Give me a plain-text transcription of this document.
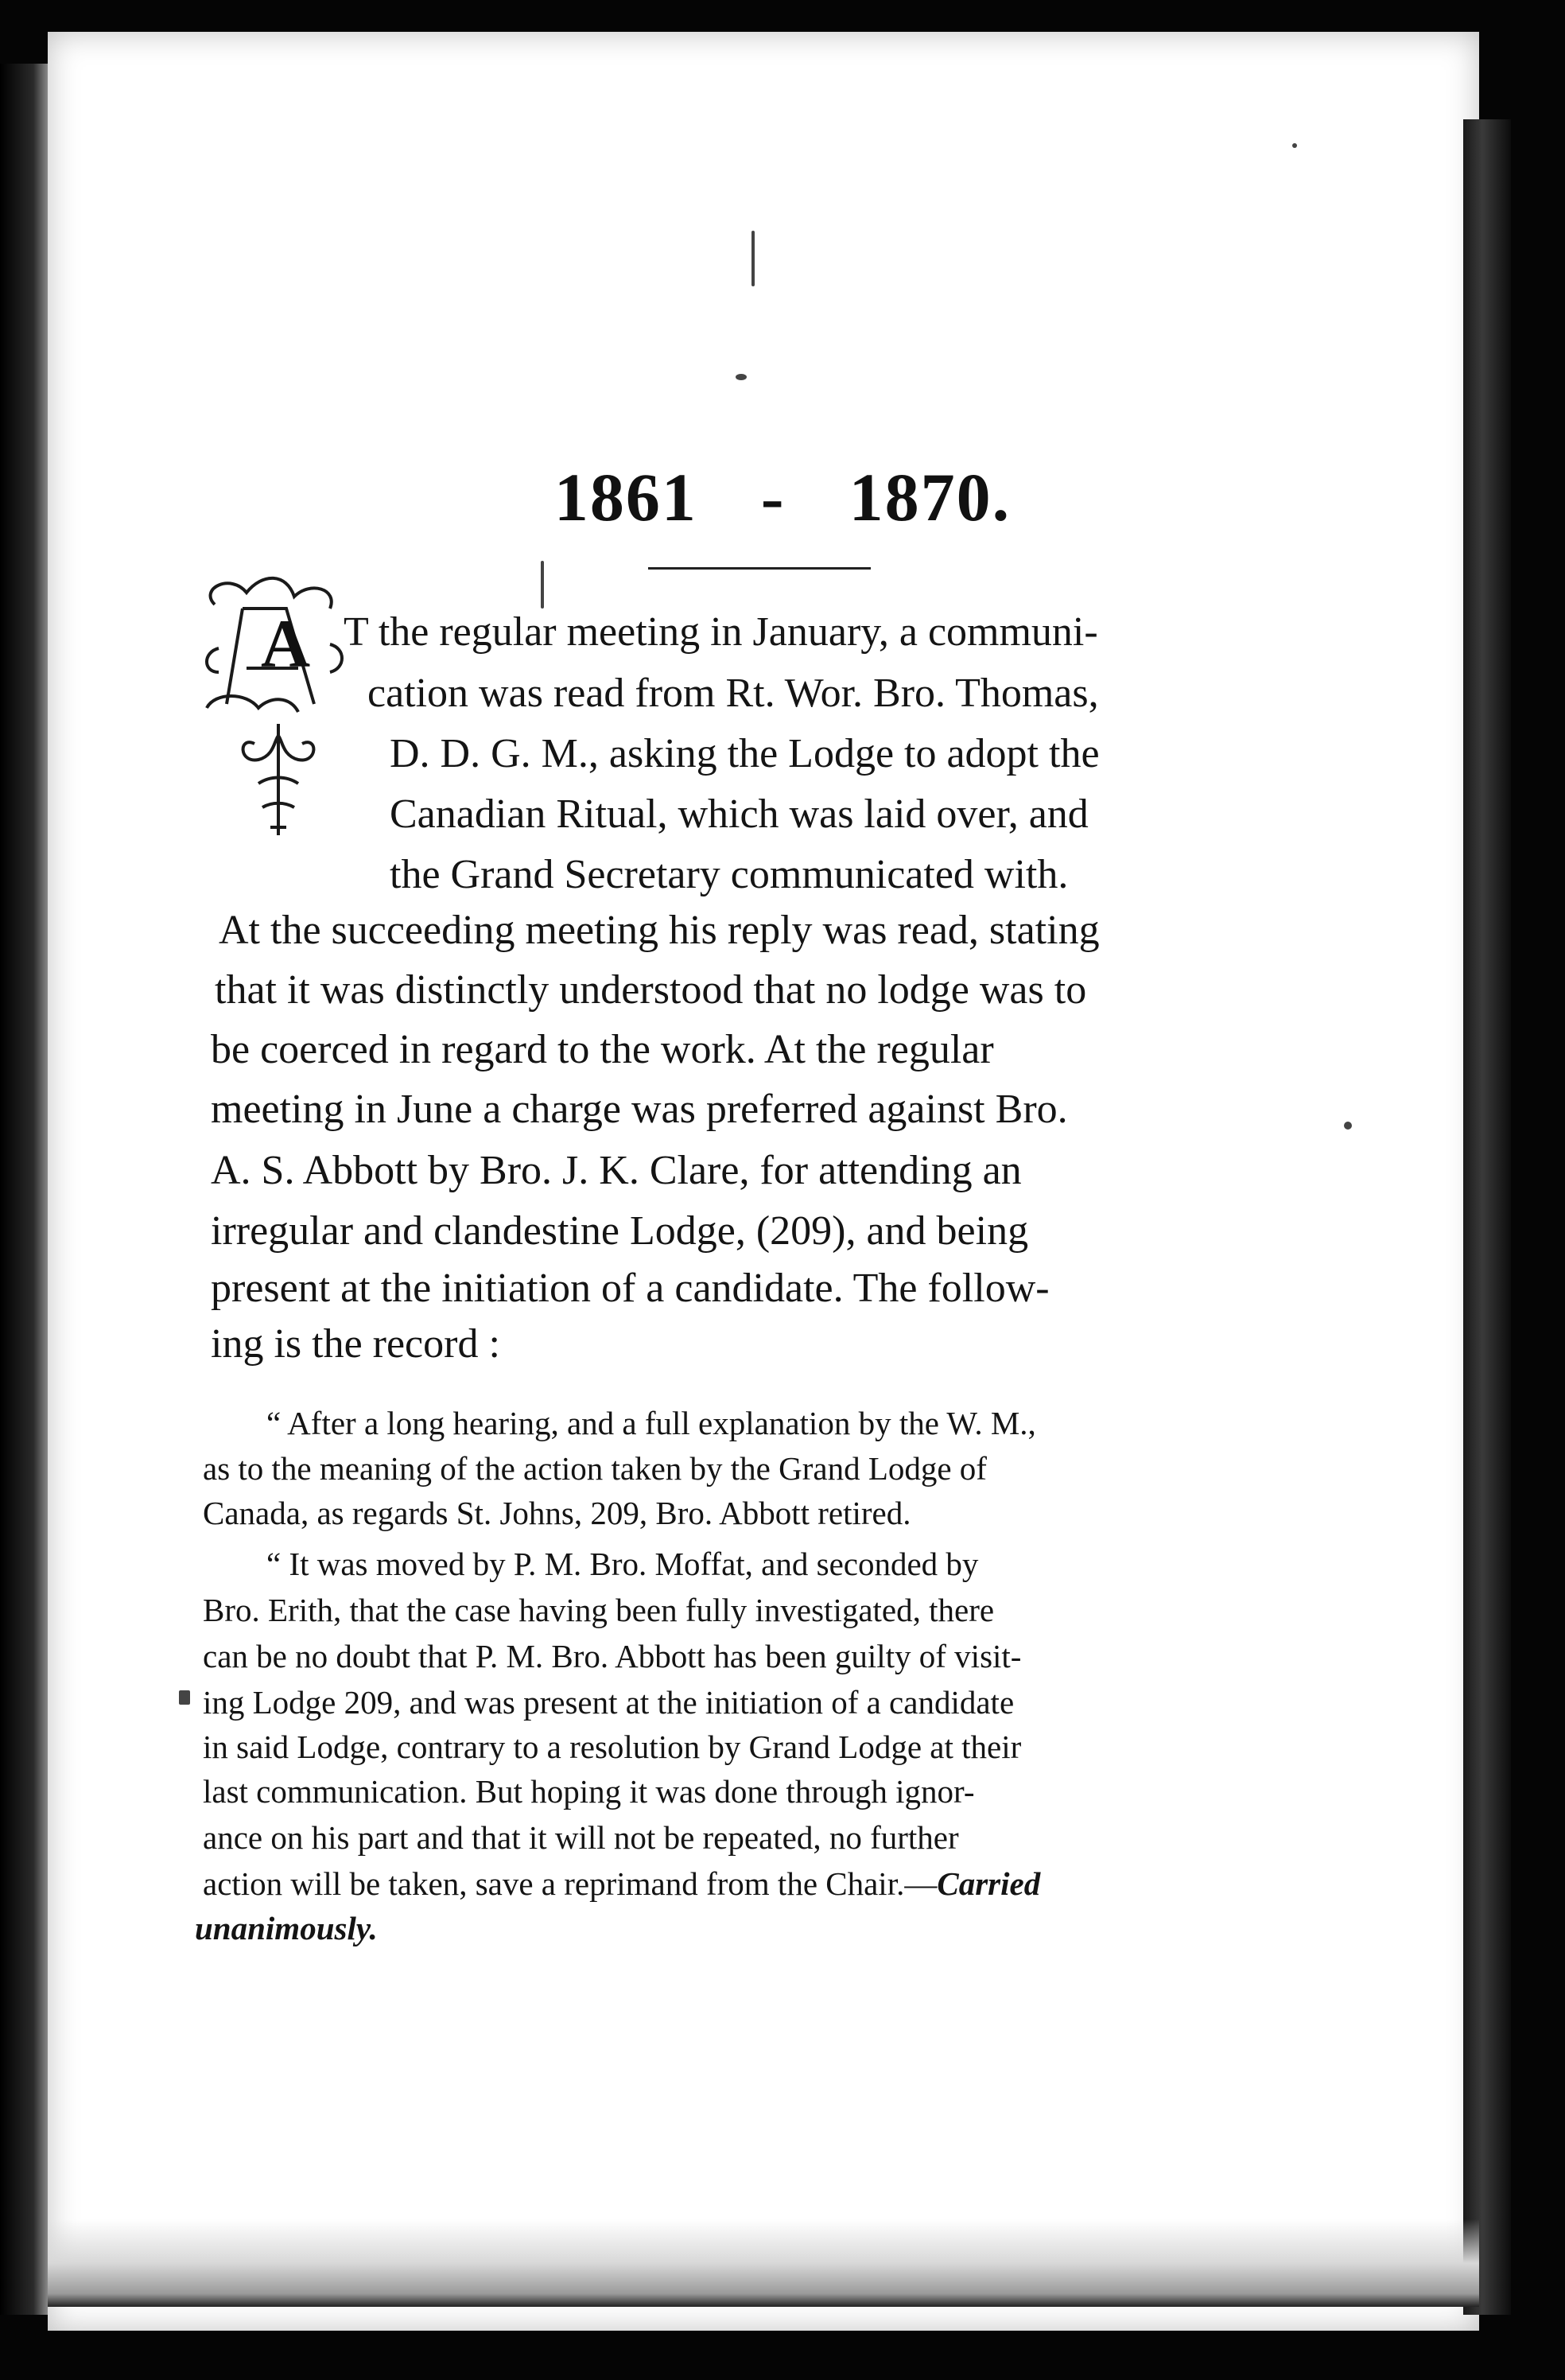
1861 - 1870.
A T the regular meeting in January, a communi-
cation was read from Rt. Wor. Bro. Thomas,
D. D. G. M., asking the Lodge to adopt the
Canadian Ritual, which was laid over, and
the Grand Secretary communicated with.
At the succeeding meeting his reply was read, stating
that it was distinctly understood that no lodge was to
be coerced in regard to the work. At the regular
meeting in June a charge was preferred against Bro.
A. S. Abbott by Bro. J. K. Clare, for attending an
irregular and clandestine Lodge, (209), and being
present at the initiation of a candidate. The follow-
ing is the record :
“ After a long hearing, and a full explanation by the W. M.,
as to the meaning of the action taken by the Grand Lodge of
Canada, as regards St. Johns, 209, Bro. Abbott retired.
“ It was moved by P. M. Bro. Moffat, and seconded by
Bro. Erith, that the case having been fully investigated, there
can be no doubt that P. M. Bro. Abbott has been guilty of visit-
ing Lodge 209, and was present at the initiation of a candidate
in said Lodge, contrary to a resolution by Grand Lodge at their
last communication. But hoping it was done through ignor-
ance on his part and that it will not be repeated, no further
action will be taken, save a reprimand from the Chair.—Carried
unanimously.
